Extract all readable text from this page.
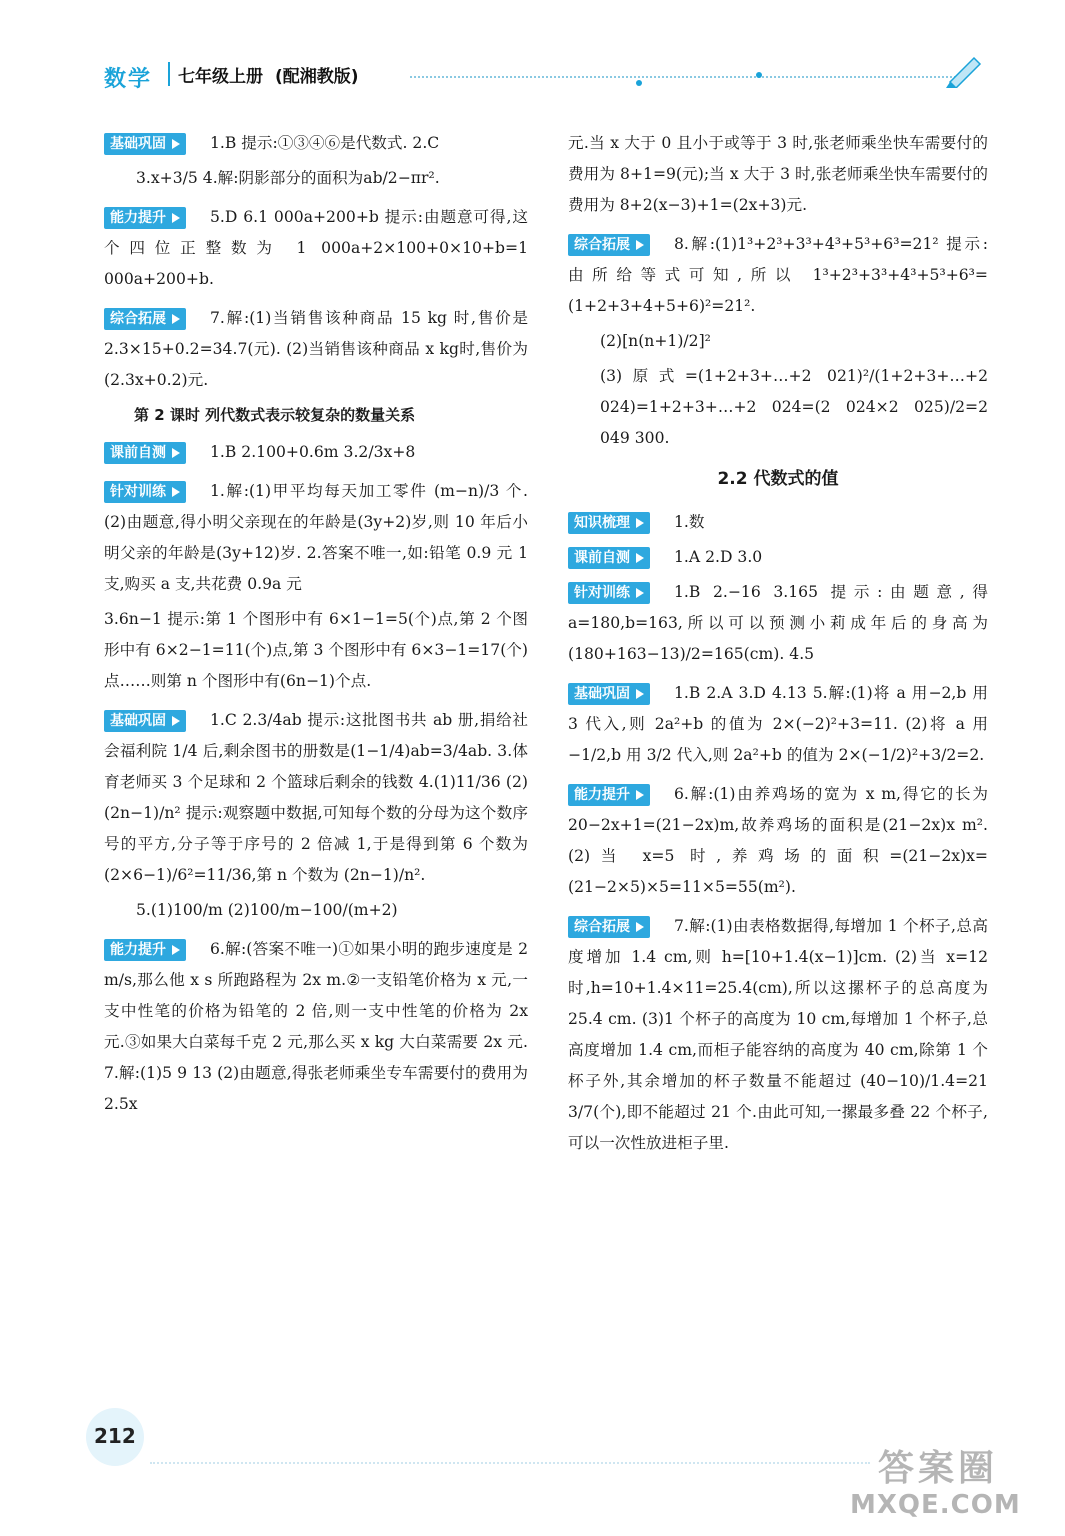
数学 七年级上册 (配湘教版)
基础巩固	1.B 提示:①③④⑥是代数式. 2.C
3.x+3/5 4.解:阴影部分的面积为ab/2−πr².
能力提升	5.D 6.1 000a+200+b 提示:由题意可得,这个四位正整数为 1 000a+2×100+0×10+b=1 000a+200+b.
综合拓展	7.解:(1)当销售该种商品 15 kg 时,售价是 2.3×15+0.2=34.7(元). (2)当销售该种商品 x kg时,售价为(2.3x+0.2)元.
第 2 课时 列代数式表示较复杂的数量关系
课前自测	1.B 2.100+0.6m 3.2/3x+8
针对训练	1.解:(1)甲平均每天加工零件 (m−n)/3 个. (2)由题意,得小明父亲现在的年龄是(3y+2)岁,则 10 年后小明父亲的年龄是(3y+12)岁. 2.答案不唯一,如:铅笔 0.9 元 1 支,购买 a 支,共花费 0.9a 元
3.6n−1 提示:第 1 个图形中有 6×1−1=5(个)点,第 2 个图形中有 6×2−1=11(个)点,第 3 个图形中有 6×3−1=17(个)点……则第 n 个图形中有(6n−1)个点.
基础巩固	1.C 2.3/4ab 提示:这批图书共 ab 册,捐给社会福利院 1/4 后,剩余图书的册数是(1−1/4)ab=3/4ab. 3.体育老师买 3 个足球和 2 个篮球后剩余的钱数 4.(1)11/36 (2)(2n−1)/n² 提示:观察题中数据,可知每个数的分母为这个数序号的平方,分子等于序号的 2 倍减 1,于是得到第 6 个数为 (2×6−1)/6²=11/36,第 n 个数为 (2n−1)/n².
5.(1)100/m (2)100/m−100/(m+2)
能力提升	6.解:(答案不唯一)①如果小明的跑步速度是 2 m/s,那么他 x s 所跑路程为 2x m.②一支铅笔价格为 x 元,一支中性笔的价格为铅笔的 2 倍,则一支中性笔的价格为 2x 元.③如果大白菜每千克 2 元,那么买 x kg 大白菜需要 2x 元. 7.解:(1)5 9 13 (2)由题意,得张老师乘坐专车需要付的费用为 2.5x
元.当 x 大于 0 且小于或等于 3 时,张老师乘坐快车需要付的费用为 8+1=9(元);当 x 大于 3 时,张老师乘坐快车需要付的费用为 8+2(x−3)+1=(2x+3)元.
综合拓展	8.解:(1)1³+2³+3³+4³+5³+6³=21² 提示:由所给等式可知,所以 1³+2³+3³+4³+5³+6³=(1+2+3+4+5+6)²=21².
(2)[n(n+1)/2]²
(3)原式=(1+2+3+…+2 021)²/(1+2+3+…+2 024)=1+2+3+…+2 024=(2 024×2 025)/2=2 049 300.
2.2 代数式的值
知识梳理	1.数
课前自测	1.A 2.D 3.0
针对训练	1.B 2.−16 3.165 提示:由题意,得 a=180,b=163,所以可以预测小莉成年后的身高为 (180+163−13)/2=165(cm). 4.5
基础巩固	1.B 2.A 3.D 4.13 5.解:(1)将 a 用−2,b 用 3 代入,则 2a²+b 的值为 2×(−2)²+3=11. (2)将 a 用−1/2,b 用 3/2 代入,则 2a²+b 的值为 2×(−1/2)²+3/2=2.
能力提升	6.解:(1)由养鸡场的宽为 x m,得它的长为 20−2x+1=(21−2x)m,故养鸡场的面积是(21−2x)x m². (2)当 x=5 时,养鸡场的面积=(21−2x)x=(21−2×5)×5=11×5=55(m²).
综合拓展	7.解:(1)由表格数据得,每增加 1 个杯子,总高度增加 1.4 cm,则 h=[10+1.4(x−1)]cm. (2)当 x=12 时,h=10+1.4×11=25.4(cm),所以这摞杯子的总高度为 25.4 cm. (3)1 个杯子的高度为 10 cm,每增加 1 个杯子,总高度增加 1.4 cm,而柜子能容纳的高度为 40 cm,除第 1 个杯子外,其余增加的杯子数量不能超过 (40−10)/1.4=21 3/7(个),即不能超过 21 个.由此可知,一摞最多叠 22 个杯子,可以一次性放进柜子里.
212
答案圈
MXQE.COM
